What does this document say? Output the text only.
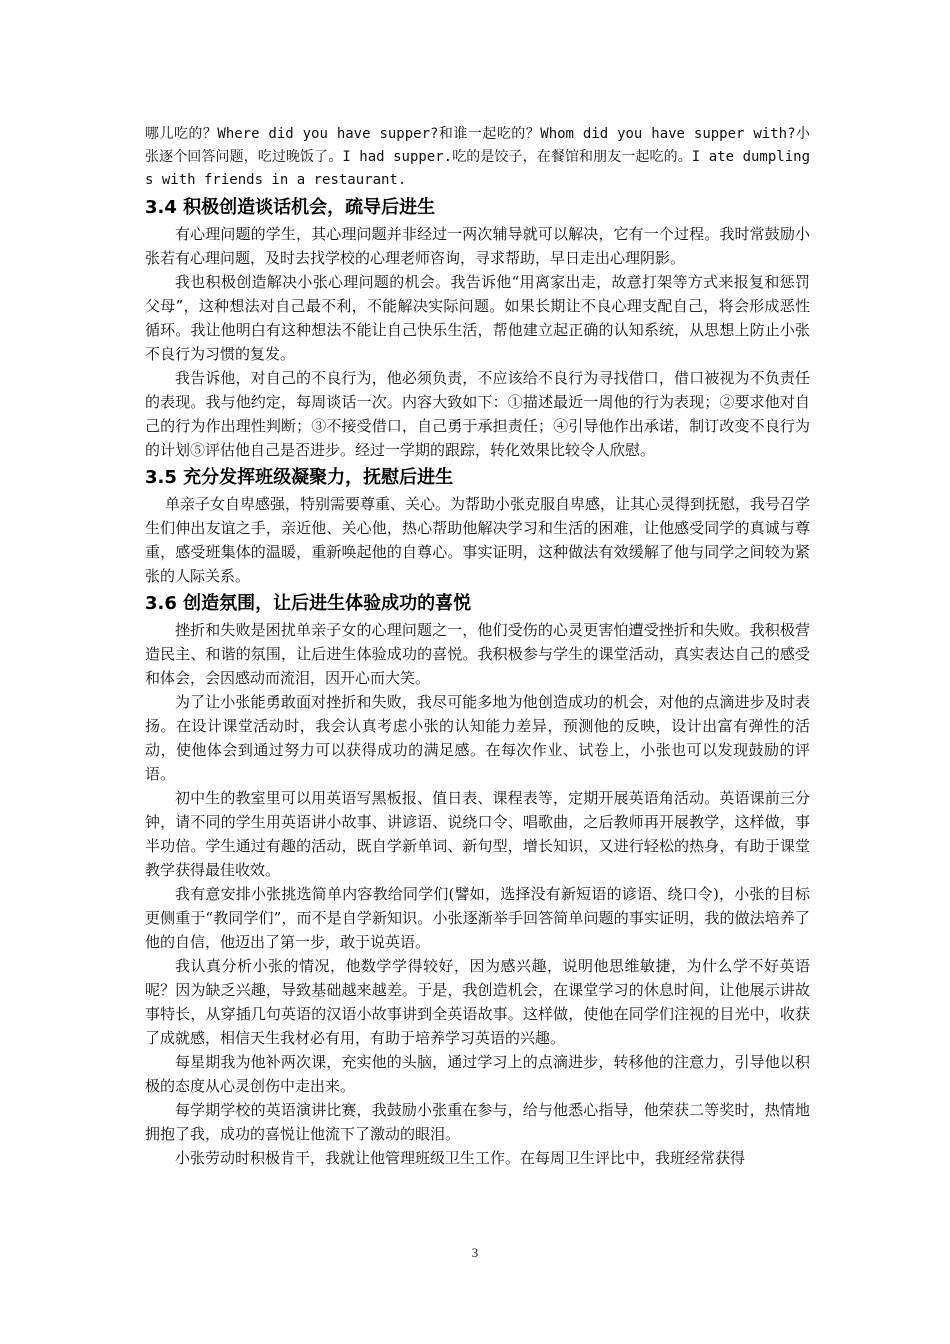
哪儿吃的？Where did you have supper?和谁一起吃的？Whom did you have supper with?小张逐个回答问题，吃过晚饭了。I had supper.吃的是饺子，在餐馆和朋友一起吃的。I ate dumplings with friends in a restaurant.

3.4 积极创造谈话机会，疏导后进生

有心理问题的学生，其心理问题并非经过一两次辅导就可以解决，它有一个过程。我时常鼓励小张若有心理问题，及时去找学校的心理老师咨询，寻求帮助，早日走出心理阴影。

我也积极创造解决小张心理问题的机会。我告诉他“用离家出走，故意打架等方式来报复和惩罚父母”，这种想法对自己最不利，不能解决实际问题。如果长期让不良心理支配自己，将会形成恶性循环。我让他明白有这种想法不能让自己快乐生活，帮他建立起正确的认知系统，从思想上防止小张不良行为习惯的复发。

我告诉他，对自己的不良行为，他必须负责，不应该给不良行为寻找借口，借口被视为不负责任的表现。我与他约定，每周谈话一次。内容大致如下：①描述最近一周他的行为表现；②要求他对自己的行为作出理性判断；③不接受借口，自己勇于承担责任；④引导他作出承诺，制订改变不良行为的计划⑤评估他自己是否进步。经过一学期的跟踪，转化效果比较令人欣慰。

3.5 充分发挥班级凝聚力，抚慰后进生

单亲子女自卑感强，特别需要尊重、关心。为帮助小张克服自卑感，让其心灵得到抚慰，我号召学生们伸出友谊之手，亲近他、关心他，热心帮助他解决学习和生活的困难，让他感受同学的真诚与尊重，感受班集体的温暖，重新唤起他的自尊心。事实证明，这种做法有效缓解了他与同学之间较为紧张的人际关系。

3.6 创造氛围，让后进生体验成功的喜悦

挫折和失败是困扰单亲子女的心理问题之一，他们受伤的心灵更害怕遭受挫折和失败。我积极营造民主、和谐的氛围，让后进生体验成功的喜悦。我积极参与学生的课堂活动，真实表达自己的感受和体会，会因感动而流泪，因开心而大笑。

为了让小张能勇敢面对挫折和失败，我尽可能多地为他创造成功的机会，对他的点滴进步及时表扬。在设计课堂活动时，我会认真考虑小张的认知能力差异，预测他的反映，设计出富有弹性的活动，使他体会到通过努力可以获得成功的满足感。在每次作业、试卷上，小张也可以发现鼓励的评语。

初中生的教室里可以用英语写黑板报、值日表、课程表等，定期开展英语角活动。英语课前三分钟，请不同的学生用英语讲小故事、讲谚语、说绕口令、唱歌曲，之后教师再开展教学，这样做，事半功倍。学生通过有趣的活动，既自学新单词、新句型，增长知识，又进行轻松的热身，有助于课堂教学获得最佳收效。

我有意安排小张挑选简单内容教给同学们(譬如，选择没有新短语的谚语、绕口令)，小张的目标更侧重于“教同学们”，而不是自学新知识。小张逐渐举手回答简单问题的事实证明，我的做法培养了他的自信，他迈出了第一步，敢于说英语。

我认真分析小张的情况，他数学学得较好，因为感兴趣，说明他思维敏捷，为什么学不好英语呢？因为缺乏兴趣，导致基础越来越差。于是，我创造机会，在课堂学习的休息时间，让他展示讲故事特长，从穿插几句英语的汉语小故事讲到全英语故事。这样做，使他在同学们注视的目光中，收获了成就感，相信天生我材必有用，有助于培养学习英语的兴趣。

每星期我为他补两次课，充实他的头脑，通过学习上的点滴进步，转移他的注意力，引导他以积极的态度从心灵创伤中走出来。

每学期学校的英语演讲比赛，我鼓励小张重在参与，给与他悉心指导，他荣获二等奖时，热情地拥抱了我，成功的喜悦让他流下了激动的眼泪。

小张劳动时积极肯干，我就让他管理班级卫生工作。在每周卫生评比中，我班经常获得

3
